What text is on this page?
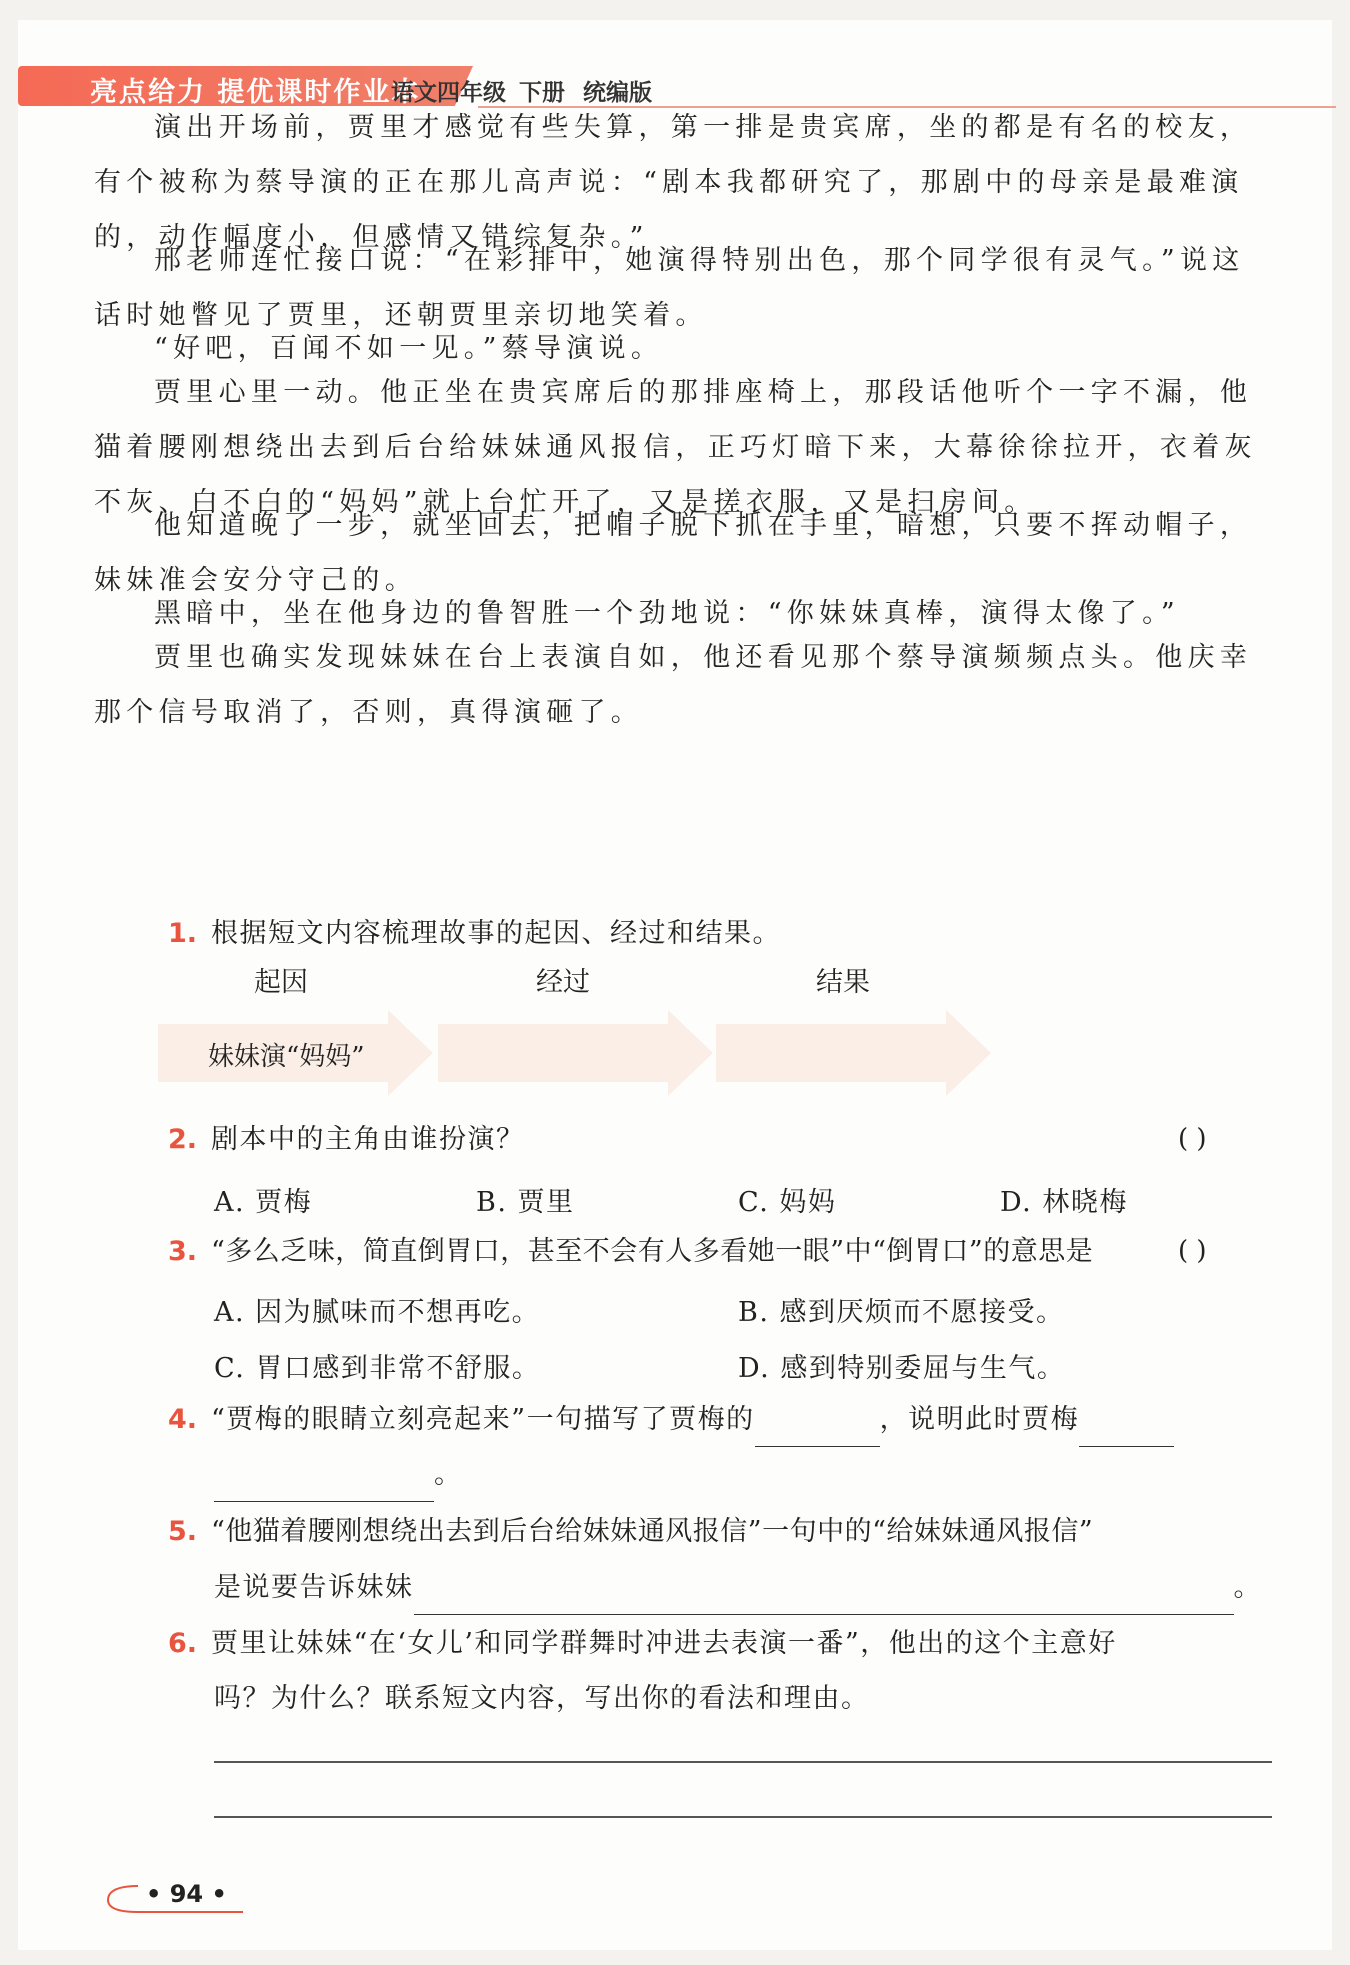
亮点给力 提优课时作业本
语文四年级 下册 统编版
演出开场前，贾里才感觉有些失算，第一排是贵宾席，坐的都是有名的校友，有个被称为蔡导演的正在那儿高声说：“剧本我都研究了，那剧中的母亲是最难演的，动作幅度小，但感情又错综复杂。”
邢老师连忙接口说：“在彩排中，她演得特别出色，那个同学很有灵气。”说这话时她瞥见了贾里，还朝贾里亲切地笑着。
“好吧，百闻不如一见。”蔡导演说。
贾里心里一动。他正坐在贵宾席后的那排座椅上，那段话他听个一字不漏，他猫着腰刚想绕出去到后台给妹妹通风报信，正巧灯暗下来，大幕徐徐拉开，衣着灰不灰、白不白的“妈妈”就上台忙开了，又是搓衣服，又是扫房间。
他知道晚了一步，就坐回去，把帽子脱下抓在手里，暗想，只要不挥动帽子，妹妹准会安分守己的。
黑暗中，坐在他身边的鲁智胜一个劲地说：“你妹妹真棒，演得太像了。”
贾里也确实发现妹妹在台上表演自如，他还看见那个蔡导演频频点头。他庆幸那个信号取消了，否则，真得演砸了。
1. 根据短文内容梳理故事的起因、经过和结果。
起因	经过	结果
妹妹演“妈妈”
2. 剧本中的主角由谁扮演？	( )
A. 贾梅	B. 贾里	C. 妈妈	D. 林晓梅
3. “多么乏味，简直倒胃口，甚至不会有人多看她一眼”中“倒胃口”的意思是	( )
A. 因为腻味而不想再吃。	B. 感到厌烦而不愿接受。
C. 胃口感到非常不舒服。	D. 感到特别委屈与生气。
4. “贾梅的眼睛立刻亮起来”一句描写了贾梅的	，说明此时贾梅
。
5. “他猫着腰刚想绕出去到后台给妹妹通风报信”一句中的“给妹妹通风报信”
是说要告诉妹妹	。
6. 贾里让妹妹“在‘女儿’和同学群舞时冲进去表演一番”，他出的这个主意好
吗？为什么？联系短文内容，写出你的看法和理由。
• 94 •
